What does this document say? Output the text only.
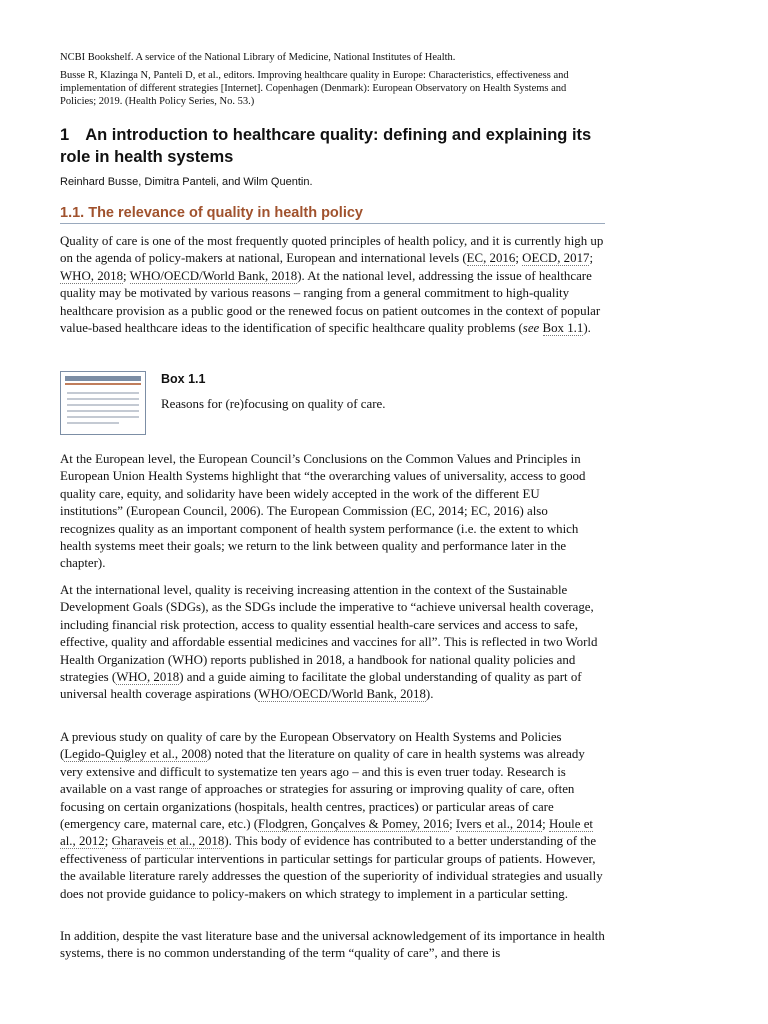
NCBI Bookshelf. A service of the National Library of Medicine, National Institutes of Health.
Busse R, Klazinga N, Panteli D, et al., editors. Improving healthcare quality in Europe: Characteristics, effectiveness and implementation of different strategies [Internet]. Copenhagen (Denmark): European Observatory on Health Systems and Policies; 2019. (Health Policy Series, No. 53.)
1 An introduction to healthcare quality: defining and explaining its role in health systems
Reinhard Busse, Dimitra Panteli, and Wilm Quentin.
1.1. The relevance of quality in health policy

Quality of care is one of the most frequently quoted principles of health policy, and it is currently high up on the agenda of policy-makers at national, European and international levels (EC, 2016; OECD, 2017; WHO, 2018; WHO/OECD/World Bank, 2018). At the national level, addressing the issue of healthcare quality may be motivated by various reasons – ranging from a general commitment to high-quality healthcare provision as a public good or the renewed focus on patient outcomes in the context of popular value-based healthcare ideas to the identification of specific healthcare quality problems (see Box 1.1).

Box 1.1
Reasons for (re)focusing on quality of care.

At the European level, the European Council’s Conclusions on the Common Values and Principles in European Union Health Systems highlight that “the overarching values of universality, access to good quality care, equity, and solidarity have been widely accepted in the work of the different EU institutions” (European Council, 2006). The European Commission (EC, 2014; EC, 2016) also recognizes quality as an important component of health system performance (i.e. the extent to which health systems meet their goals; we return to the link between quality and performance later in the chapter).

At the international level, quality is receiving increasing attention in the context of the Sustainable Development Goals (SDGs), as the SDGs include the imperative to “achieve universal health coverage, including financial risk protection, access to quality essential health-care services and access to safe, effective, quality and affordable essential medicines and vaccines for all”. This is reflected in two World Health Organization (WHO) reports published in 2018, a handbook for national quality policies and strategies (WHO, 2018) and a guide aiming to facilitate the global understanding of quality as part of universal health coverage aspirations (WHO/OECD/World Bank, 2018).

A previous study on quality of care by the European Observatory on Health Systems and Policies (Legido-Quigley et al., 2008) noted that the literature on quality of care in health systems was already very extensive and difficult to systematize ten years ago – and this is even truer today. Research is available on a vast range of approaches or strategies for assuring or improving quality of care, often focusing on certain organizations (hospitals, health centres, practices) or particular areas of care (emergency care, maternal care, etc.) (Flodgren, Gonçalves & Pomey, 2016; Ivers et al., 2014; Houle et al., 2012; Gharaveis et al., 2018). This body of evidence has contributed to a better understanding of the effectiveness of particular interventions in particular settings for particular groups of patients. However, the available literature rarely addresses the question of the superiority of individual strategies and usually does not provide guidance to policy-makers on which strategy to implement in a particular setting.

In addition, despite the vast literature base and the universal acknowledgement of its importance in health systems, there is no common understanding of the term “quality of care”, and there is
